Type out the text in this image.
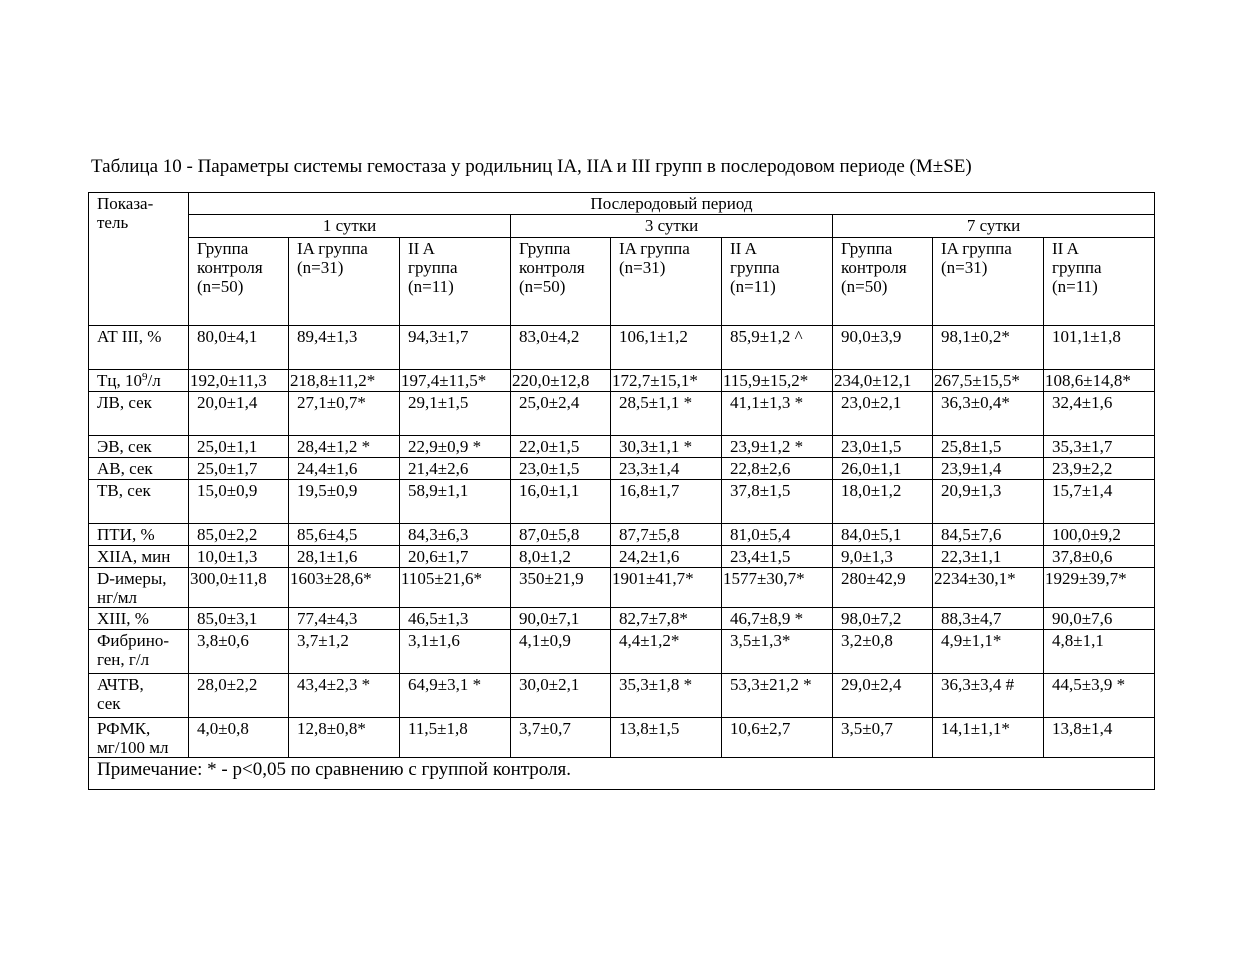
Таблица 10 - Параметры системы гемостаза у родильниц IA, IIA и III групп в послеродовом периоде (M±SE)
Показа-
тель	Послеродовый период								
	1 сутки			3 сутки			7 сутки		
	Группа
контроля
(n=50)	IA группа
(n=31)	II A
группа
(n=11)	Группа
контроля
(n=50)	IA группа
(n=31)	II A
группа
(n=11)	Группа
контроля
(n=50)	IA группа
(n=31)	II A
группа
(n=11)
AT III, %	80,0±4,1	89,4±1,3	94,3±1,7	83,0±4,2	106,1±1,2	85,9±1,2 ^	90,0±3,9	98,1±0,2*	101,1±1,8
Тц, $10^9/л$	192,0±11,3	218,8±11,2*	197,4±11,5*	220,0±12,8	172,7±15,1*	115,9±15,2*	234,0±12,1	267,5±15,5*	108,6±14,8*
ЛВ, сек	20,0±1,4	27,1±0,7*	29,1±1,5	25,0±2,4	28,5±1,1 *	41,1±1,3 *	23,0±2,1	36,3±0,4*	32,4±1,6
ЭВ, сек	25,0±1,1	28,4±1,2 *	22,9±0,9 *	22,0±1,5	30,3±1,1 *	23,9±1,2 *	23,0±1,5	25,8±1,5	35,3±1,7
АВ, сек	25,0±1,7	24,4±1,6	21,4±2,6	23,0±1,5	23,3±1,4	22,8±2,6	26,0±1,1	23,9±1,4	23,9±2,2
ТВ, сек	15,0±0,9	19,5±0,9	58,9±1,1	16,0±1,1	16,8±1,7	37,8±1,5	18,0±1,2	20,9±1,3	15,7±1,4
ПТИ, %	85,0±2,2	85,6±4,5	84,3±6,3	87,0±5,8	87,7±5,8	81,0±5,4	84,0±5,1	84,5±7,6	100,0±9,2
XIIA, мин	10,0±1,3	28,1±1,6	20,6±1,7	8,0±1,2	24,2±1,6	23,4±1,5	9,0±1,3	22,3±1,1	37,8±0,6
D-имеры,
нг/мл	300,0±11,8	1603±28,6*	1105±21,6*	350±21,9	1901±41,7*	1577±30,7*	280±42,9	2234±30,1*	1929±39,7*
XIII, %	85,0±3,1	77,4±4,3	46,5±1,3	90,0±7,1	82,7±7,8*	46,7±8,9 *	98,0±7,2	88,3±4,7	90,0±7,6
Фибрино-
ген, г/л	3,8±0,6	3,7±1,2	3,1±1,6	4,1±0,9	4,4±1,2*	3,5±1,3*	3,2±0,8	4,9±1,1*	4,8±1,1
АЧТВ,
сек	28,0±2,2	43,4±2,3 *	64,9±3,1 *	30,0±2,1	35,3±1,8 *	53,3±21,2 *	29,0±2,4	36,3±3,4 #	44,5±3,9 *
РФМК,
мг/100 мл	4,0±0,8	12,8±0,8*	11,5±1,8	3,7±0,7	13,8±1,5	10,6±2,7	3,5±0,7	14,1±1,1*	13,8±1,4
Примечание: * - p<0,05 по сравнению с группой контроля.									
